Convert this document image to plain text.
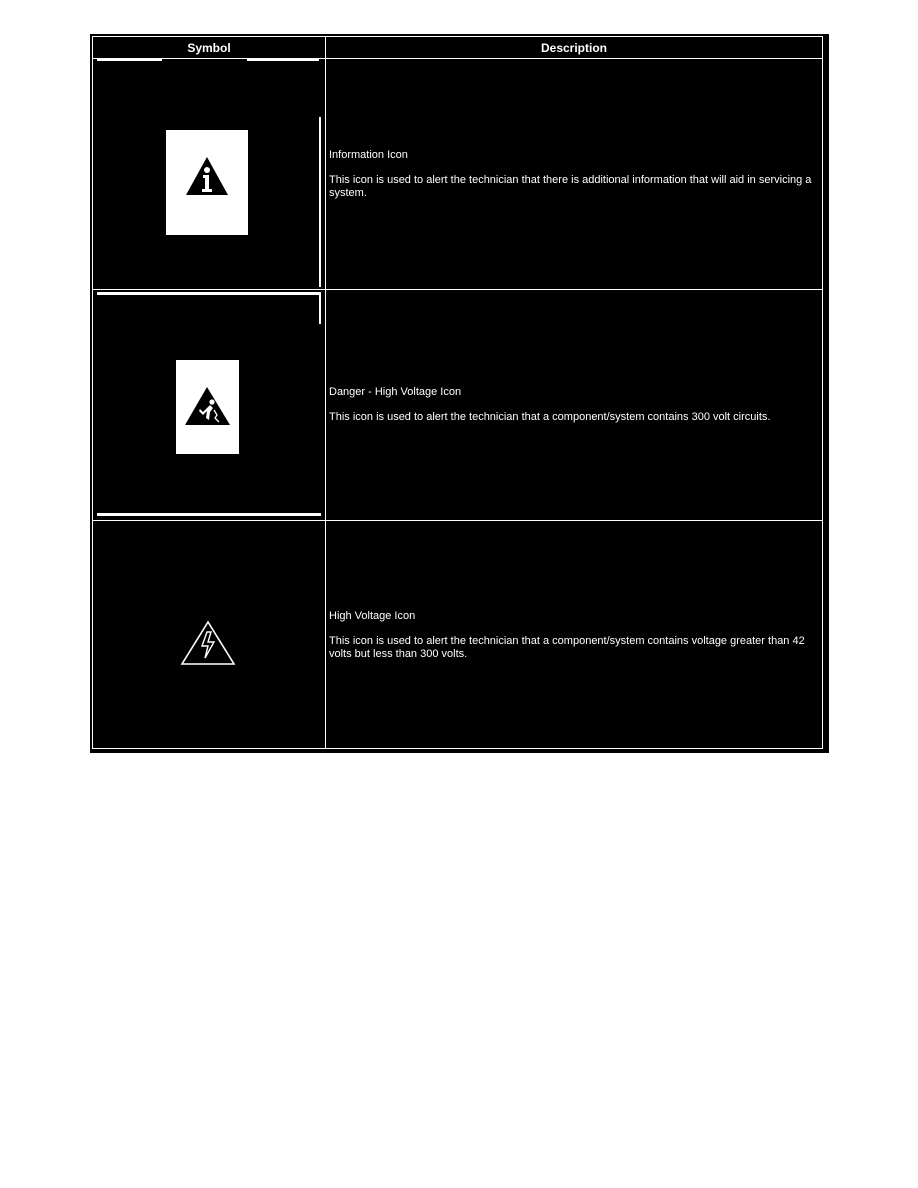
Symbol	Description
Information Icon
This icon is used to alert the technician that there is additional information that will aid in servicing a system.
Danger - High Voltage Icon
This icon is used to alert the technician that a component/system contains 300 volt circuits.
High Voltage Icon
This icon is used to alert the technician that a component/system contains voltage greater than 42 volts but less than 300 volts.
